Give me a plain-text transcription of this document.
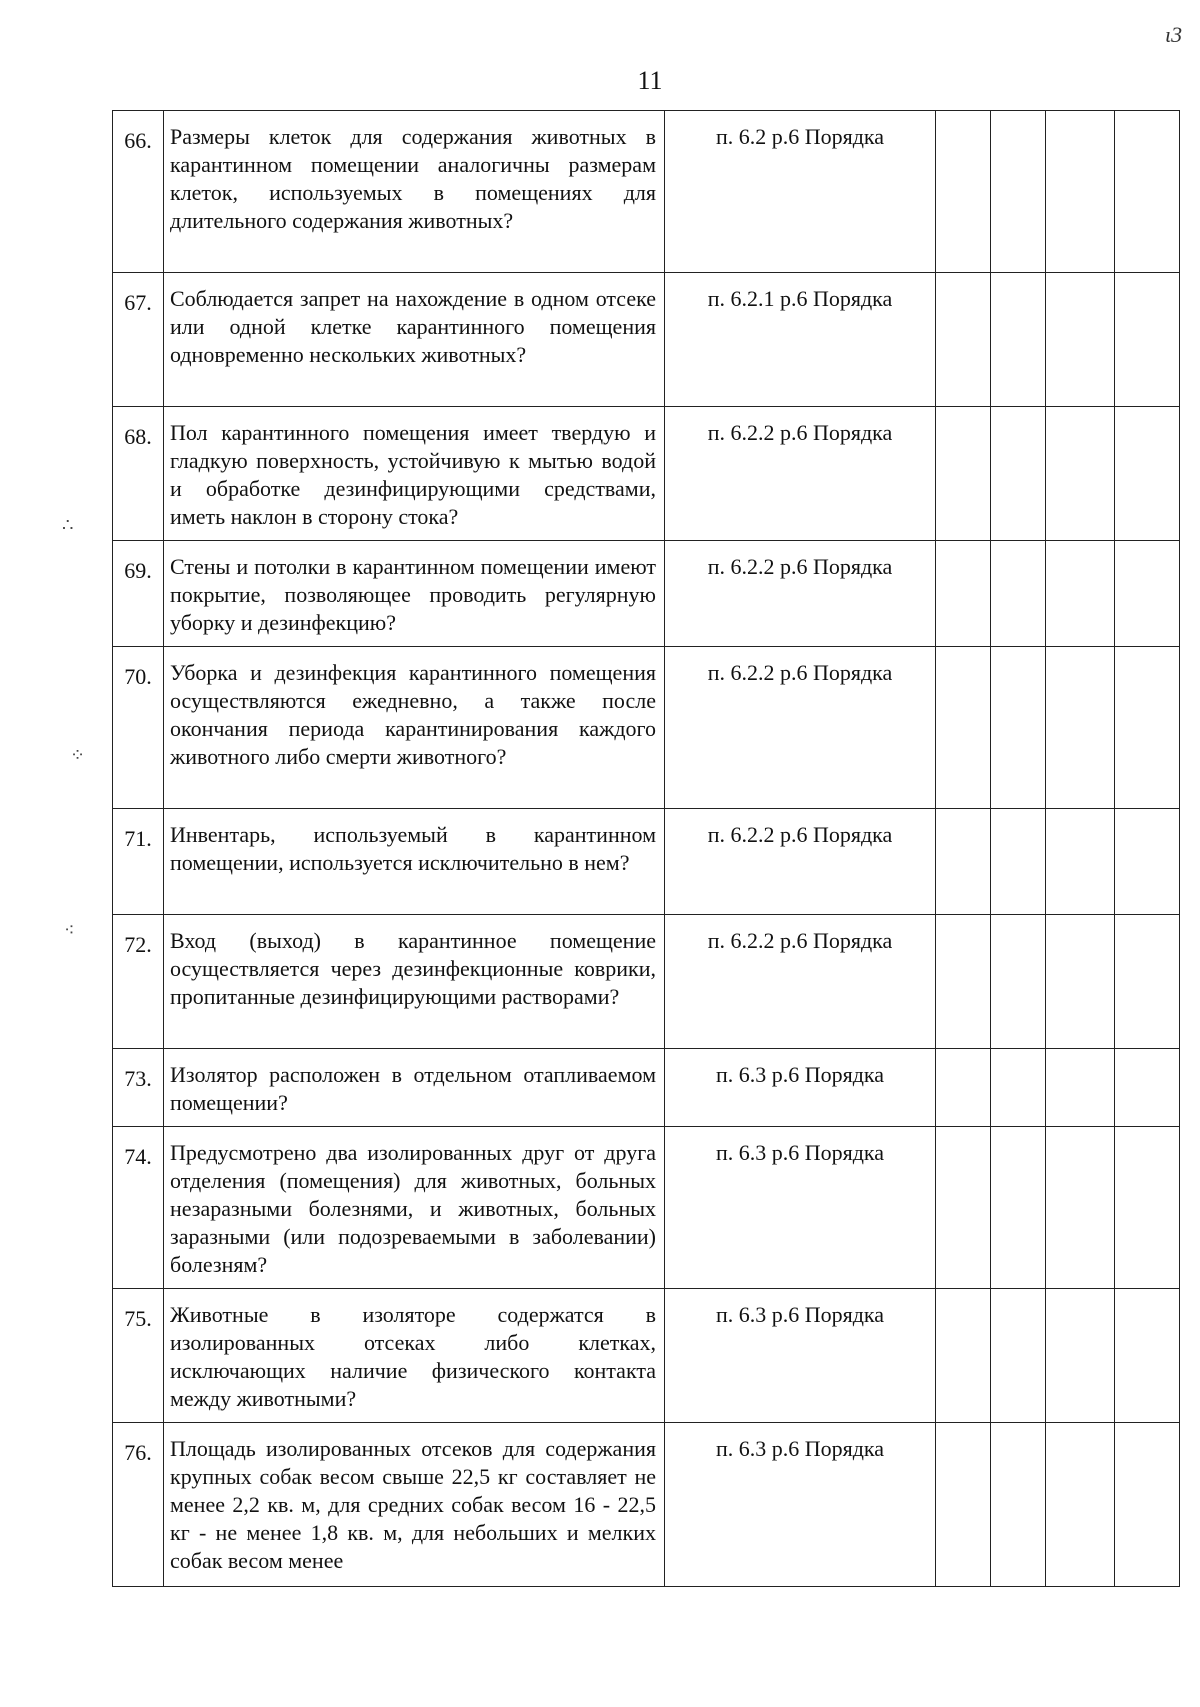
ɩ3
11
∴
⁘
⁖
66.	Размеры клеток для содержания животных в карантинном помещении аналогичны размерам клеток, используемых в помещениях для длительного содержания животных?	п. 6.2 р.6 Порядка				
67.	Соблюдается запрет на нахождение в одном отсеке или одной клетке карантинного помещения одновременно нескольких животных?	п. 6.2.1 р.6 Порядка				
68.	Пол карантинного помещения имеет твердую и гладкую поверхность, устойчивую к мытью водой и обработке дезинфицирующими средствами, иметь наклон в сторону стока?	п. 6.2.2 р.6 Порядка				
69.	Стены и потолки в карантинном помещении имеют покрытие, позволяющее проводить регулярную уборку и дезинфекцию?	п. 6.2.2 р.6 Порядка				
70.	Уборка и дезинфекция карантинного помещения осуществляются ежедневно, а также после окончания периода карантинирования каждого животного либо смерти животного?	п. 6.2.2 р.6 Порядка				
71.	Инвентарь, используемый в карантинном помещении, используется исключительно в нем?	п. 6.2.2 р.6 Порядка				
72.	Вход (выход) в карантинное помещение осуществляется через дезинфекционные коврики, пропитанные дезинфицирующими растворами?	п. 6.2.2 р.6 Порядка				
73.	Изолятор расположен в отдельном отапливаемом помещении?	п. 6.3 р.6 Порядка				
74.	Предусмотрено два изолированных друг от друга отделения (помещения) для животных, больных незаразными болезнями, и животных, больных заразными (или подозреваемыми в заболевании) болезням?	п. 6.3 р.6 Порядка				
75.	Животные в изоляторе содержатся в изолированных отсеках либо клетках, исключающих наличие физического контакта между животными?	п. 6.3 р.6 Порядка				
76.	Площадь изолированных отсеков для содержания крупных собак весом свыше 22,5 кг составляет не менее 2,2 кв. м, для средних собак весом 16 - 22,5 кг - не менее 1,8 кв. м, для небольших и мелких собак весом менее	п. 6.3 р.6 Порядка				
